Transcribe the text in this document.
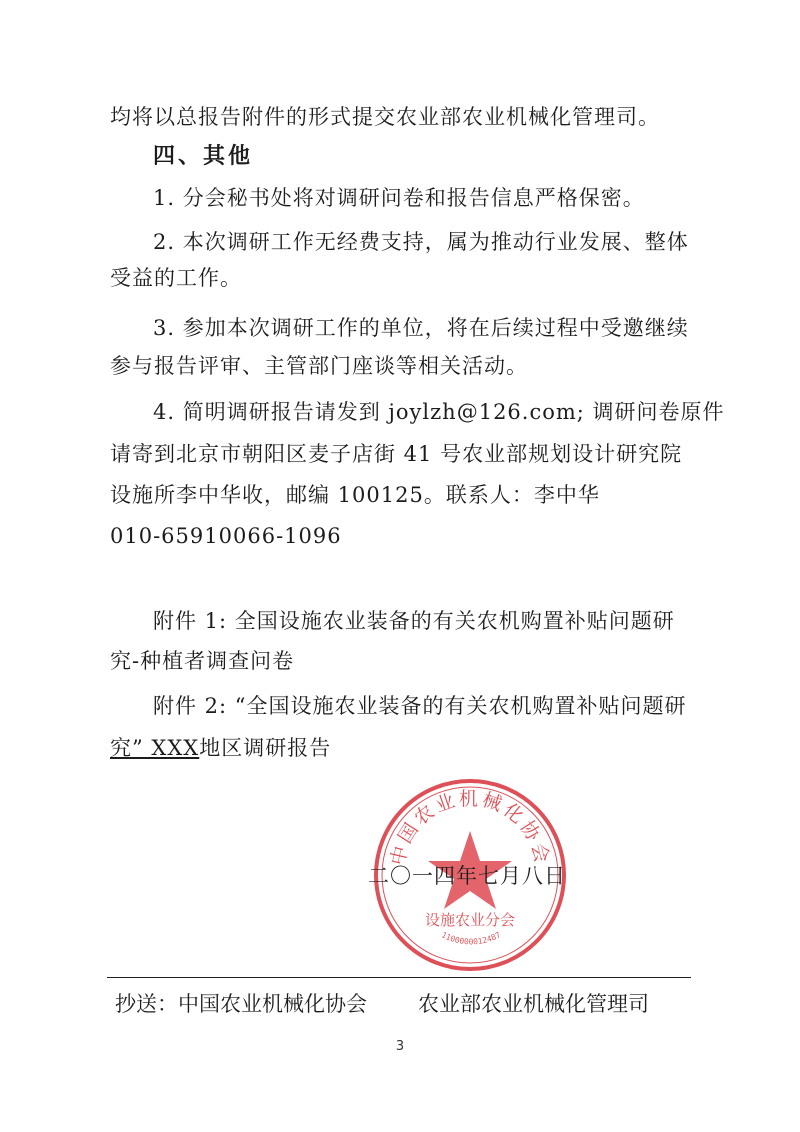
均将以总报告附件的形式提交农业部农业机械化管理司。
四、其他
1. 分会秘书处将对调研问卷和报告信息严格保密。
2. 本次调研工作无经费支持，属为推动行业发展、整体
受益的工作。
3. 参加本次调研工作的单位，将在后续过程中受邀继续
参与报告评审、主管部门座谈等相关活动。
4. 简明调研报告请发到 joylzh@126.com; 调研问卷原件
请寄到北京市朝阳区麦子店街 41 号农业部规划设计研究院
设施所李中华收，邮编 100125。联系人：李中华
010-65910066-1096
附件 1: 全国设施农业装备的有关农机购置补贴问题研
究-种植者调查问卷
附件 2: “全国设施农业装备的有关农机购置补贴问题研
究” XXX地区调研报告
中国农业机械化协会
设施农业分会
1100000012487
二〇一四年七月八日
抄送： 中国农业机械化协会 农业部农业机械化管理司
3
